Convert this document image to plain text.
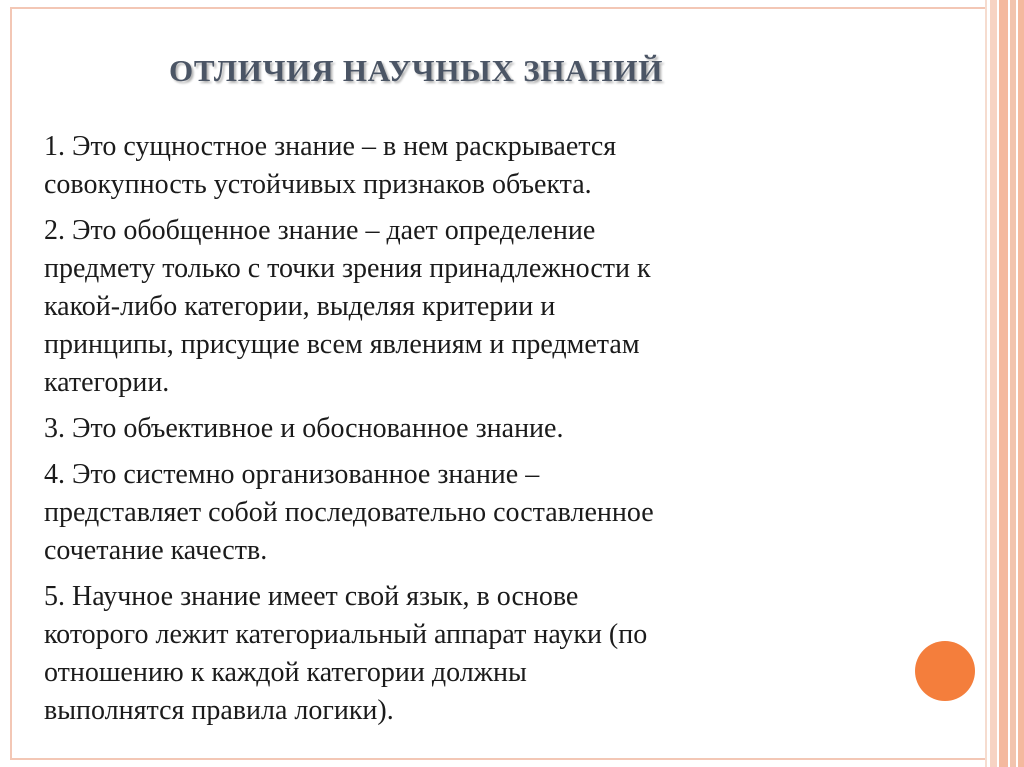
ОТЛИЧИЯ НАУЧНЫХ ЗНАНИЙ
1. Это сущностное знание – в нем раскрывается
совокупность устойчивых признаков объекта.
2. Это обобщенное знание – дает определение
предмету только с точки зрения принадлежности к
какой-либо категории, выделяя критерии и
принципы, присущие всем явлениям и предметам
категории.
3. Это объективное и обоснованное знание.
4. Это системно организованное знание –
представляет собой последовательно составленное
сочетание качеств.
5. Научное знание имеет свой язык, в основе
которого лежит категориальный аппарат науки (по
отношению к каждой категории должны
выполнятся правила логики).
